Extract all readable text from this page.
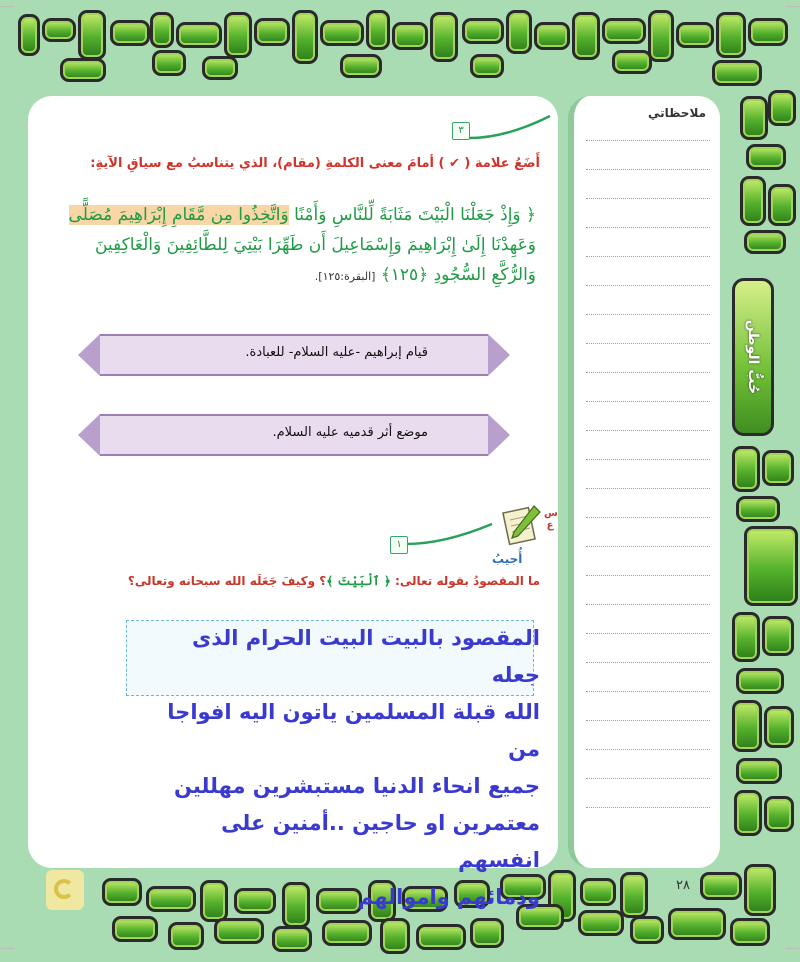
٣
أَضَعُ علامة ( ✔ ) أمامَ معنى الكلمةِ (مقام)، الذي يتناسبُ مع سياقِ الآيةِ:
﴿ وَإِذْ جَعَلْنَا الْبَيْتَ مَثَابَةً لِّلنَّاسِ وَأَمْنًا وَاتَّخِذُوا مِن مَّقَامِ إِبْرَاهِيمَ مُصَلًّى
وَعَهِدْنَا إِلَىٰ إِبْرَاهِيمَ وَإِسْمَاعِيلَ أَن طَهِّرَا بَيْتِيَ لِلطَّائِفِينَ وَالْعَاكِفِينَ
وَالرُّكَّعِ السُّجُودِ ﴿١٢٥﴾ [البقرة:١٢٥].
قيام إبراهيم -عليه السلام- للعبادة.
موضع أثر قدميه عليه السلام.
س ع
١
أُجيبُ
ما المقصودُ بقوله تعالى: ﴿ ٱلْبَيْتَ ﴾؟ وكيفَ جَعَلَه الله سبحانه وتعالى؟
المقصود بالبيت البيت الحرام الذى جعله
الله قبلة المسلمين ياتون اليه افواجا من
جميع انحاء الدنيا مستبشرين مهللين
معتمرين او حاجين ..أمنين على انفسهم
ودمائهم واموالهم
ملاحظاتي
حُبُّ الوطن
٢٨
